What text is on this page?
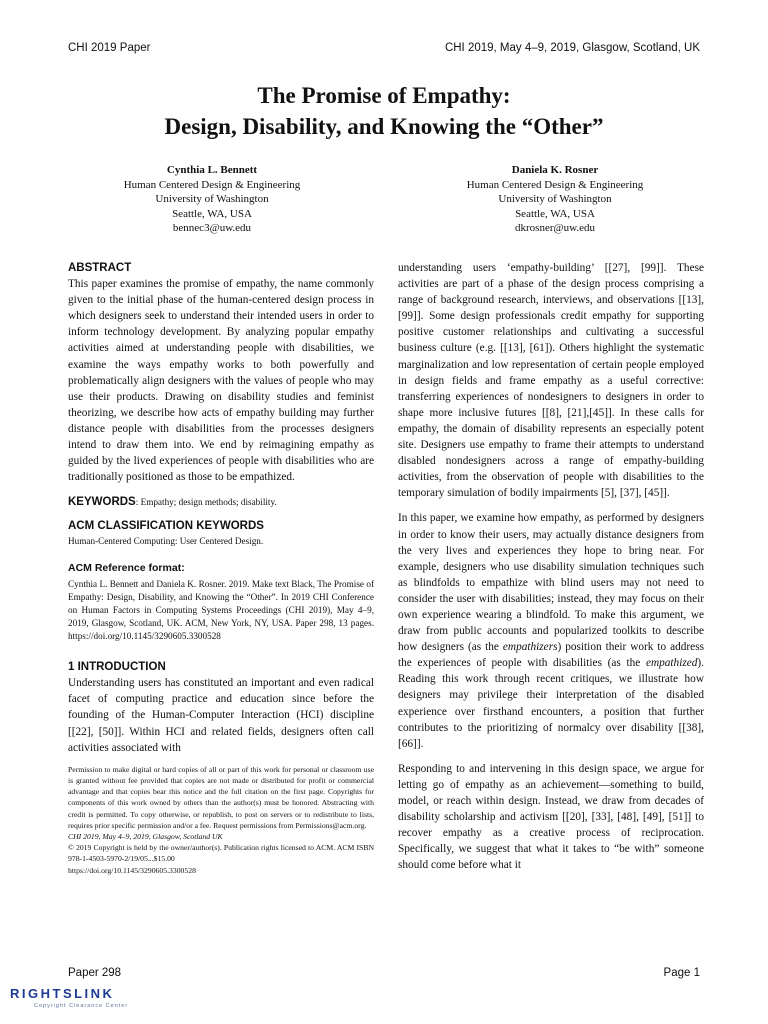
CHI 2019 Paper	CHI 2019, May 4–9, 2019, Glasgow, Scotland, UK
The Promise of Empathy:
Design, Disability, and Knowing the “Other”
Cynthia L. Bennett
Human Centered Design & Engineering
University of Washington
Seattle, WA, USA
bennec3@uw.edu
Daniela K. Rosner
Human Centered Design & Engineering
University of Washington
Seattle, WA, USA
dkrosner@uw.edu
ABSTRACT

This paper examines the promise of empathy, the name commonly given to the initial phase of the human-centered design process in which designers seek to understand their intended users in order to inform technology development. By analyzing popular empathy activities aimed at understanding people with disabilities, we examine the ways empathy works to both powerfully and problematically align designers with the values of people who may use their products. Drawing on disability studies and feminist theorizing, we describe how acts of empathy building may further distance people with disabilities from the processes designers intend to draw them into. We end by reimagining empathy as guided by the lived experiences of people with disabilities who are traditionally positioned as those to be empathized.

KEYWORDS: Empathy; design methods; disability.
ACM CLASSIFICATION KEYWORDS
Human-Centered Computing: User Centered Design.
ACM Reference format:

Cynthia L. Bennett and Daniela K. Rosner. 2019. Make text Black, The Promise of Empathy: Design, Disability, and Knowing the “Other”. In 2019 CHI Conference on Human Factors in Computing Systems Proceedings (CHI 2019), May 4–9, 2019, Glasgow, Scotland, UK. ACM, New York, NY, USA. Paper 298, 13 pages. https://doi.org/10.1145/3290605.3300528

1 INTRODUCTION

Understanding users has constituted an important and even radical facet of computing practice and education since before the founding of the Human-Computer Interaction (HCI) discipline [[22], [50]]. Within HCI and related fields, designers often call activities associated with

Permission to make digital or hard copies of all or part of this work for personal or classroom use is granted without fee provided that copies are not made or distributed for profit or commercial advantage and that copies bear this notice and the full citation on the first page. Copyrights for components of this work owned by others than the author(s) must be honored. Abstracting with credit is permitted. To copy otherwise, or republish, to post on servers or to redistribute to lists, requires prior specific permission and/or a fee. Request permissions from Permissions@acm.org.

CHI 2019, May 4–9, 2019, Glasgow, Scotland UK
© 2019 Copyright is held by the owner/author(s). Publication rights licensed to ACM. ACM ISBN 978-1-4503-5970-2/19/05...$15.00
https://doi.org/10.1145/3290605.3300528

understanding users ‘empathy-building’ [[27], [99]]. These activities are part of a phase of the design process comprising a range of background research, interviews, and observations [[13], [99]]. Some design professionals credit empathy for supporting positive customer relationships and cultivating a successful business culture (e.g. [[13], [61]). Others highlight the systematic marginalization and low representation of certain people employed in design fields and frame empathy as a useful corrective: transferring experiences of nondesigners to designers in order to shape more inclusive futures [[8], [21],[45]]. In these calls for empathy, the domain of disability represents an especially potent site. Designers use empathy to frame their attempts to understand disabled nondesigners across a range of empathy-building activities, from the observation of people with disabilities to the temporary simulation of bodily impairments [5], [37], [45]].

In this paper, we examine how empathy, as performed by designers in order to know their users, may actually distance designers from the very lives and experiences they hope to bring near. For example, designers who use disability simulation techniques such as blindfolds to empathize with blind users may not need to consider the user with disabilities; instead, they may focus on their own experience wearing a blindfold. To make this argument, we draw from public accounts and popularized toolkits to describe how designers (as the empathizers) position their work to address the experiences of people with disabilities (as the empathized). Reading this work through recent critiques, we illustrate how designers may privilege their interpretation of the disabled experience over firsthand encounters, a position that further contributes to the prioritizing of normalcy over disability [[38], [66]].

Responding to and intervening in this design space, we argue for letting go of empathy as an achievement—something to build, model, or reach within design. Instead, we draw from decades of disability scholarship and activism [[20], [33], [48], [49], [51]] to recover empathy as a creative process of reciprocation. Specifically, we suggest that what it takes to “be with” someone should come before what it

Paper 298	Page 1
RIGHTSLINK
Copyright Clearance Center
